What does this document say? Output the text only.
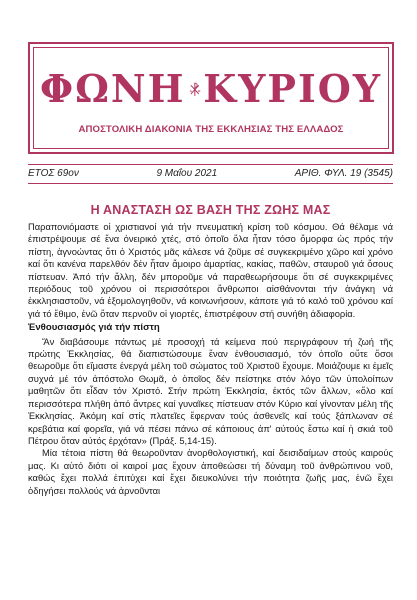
ΦΩΝΗ Α Ω ΚΥΡΙΟΥ
ΑΠΟΣΤΟΛΙΚΗ ΔΙΑΚΟΝΙΑ ΤΗΣ ΕΚΚΛΗΣΙΑΣ ΤΗΣ ΕΛΛΑΔΟΣ
ΕΤΟΣ 69ον	9 Μαΐου 2021	ΑΡΙΘ. ΦΥΛ. 19 (3545)
Η ΑΝΑΣΤΑΣΗ ΩΣ ΒΑΣΗ ΤΗΣ ΖΩΗΣ ΜΑΣ

Παραπονιόμαστε οἱ χριστιανοί γιά τήν πνευματική κρίση τοῦ κόσμου. Θά θέλαμε νά ἐπιστρέψουμε σέ ἕνα ὀνειρικό χτές, στό ὁποῖο ὅλα ἦταν τόσο ὄμορφα ὡς πρός τήν πίστη, ἀγνοώντας ὅτι ὁ Χριστός μᾶς κάλεσε νά ζοῦμε σέ συγκεκριμένο χῶρο καί χρόνο καί ὅτι κανένα παρελθόν δέν ἦταν ἄμοιρο ἁμαρτίας, κακίας, παθῶν, σταυροῦ γιά ὅσους πίστευαν. Ἀπό τήν ἄλλη, δέν μποροῦμε νά παραθεωρήσουμε ὅτι σέ συγκεκριμένες περιόδους τοῦ χρόνου οἱ περισσότεροι ἄνθρωποι αἰσθάνονται τήν ἀνάγκη νά ἐκκλησιαστοῦν, νά ἐξομολογηθοῦν, νά κοινωνήσουν, κάποτε γιά τό καλό τοῦ χρόνου καί γιά τό ἔθιμο, ἐνῶ ὅταν περνοῦν οἱ γιορτές, ἐπιστρέφουν στή συνήθη ἀδιαφορία.

Ἐνθουσιασμός γιά τήν πίστη

Ἄν διαβάσουμε πάντως μέ προσοχή τά κείμενα πού περιγράφουν τή ζωή τῆς πρώτης Ἐκκλησίας, θά διαπιστώσουμε ἕναν ἐνθουσιασμό, τόν ὁποῖο οὔτε ὅσοι θεωροῦμε ὅτι εἴμαστε ἐνεργά μέλη τοῦ σώματος τοῦ Χριστοῦ ἔχουμε. Μοιάζουμε κι ἐμεῖς συχνά μέ τόν ἀπόστολο Θωμᾶ, ὁ ὁποῖος δέν πείστηκε στόν λόγο τῶν ὑπολοίπων μαθητῶν ὅτι εἶδαν τόν Χριστό. Στήν πρώτη Ἐκκλησία, ἐκτός τῶν ἄλλων, «ὅλο καί περισσότερα πλήθη ἀπό ἄντρες καί γυναῖκες πίστευαν στόν Κύριο καί γίνονταν μέλη τῆς Ἐκκλησίας. Ἀκόμη καί στίς πλατεῖες ἔφερναν τούς ἀσθενεῖς καί τούς ξάπλωναν σέ κρεβάτια καί φορεῖα, γιά νά πέσει πάνω σέ κάποιους ἀπ' αὐτούς ἔστω καί ἡ σκιά τοῦ Πέτρου ὅταν αὐτός ἐρχόταν» (Πράξ. 5,14-15).

Μία τέτοια πίστη θά θεωροῦνταν ἀνορθολογιστική, καί δεισιδαίμων στούς καιρούς μας. Κι αὐτό διότι οἱ καιροί μας ἔχουν ἀποθεώσει τή δύναμη τοῦ ἀνθρώπινου νοῦ, καθώς ἔχει πολλά ἐπιτύχει καί ἔχει διευκολύνει τήν ποιότητα ζωῆς μας, ἐνῶ ἔχει ὁδηγήσει πολλούς νά ἀρνοῦνται
